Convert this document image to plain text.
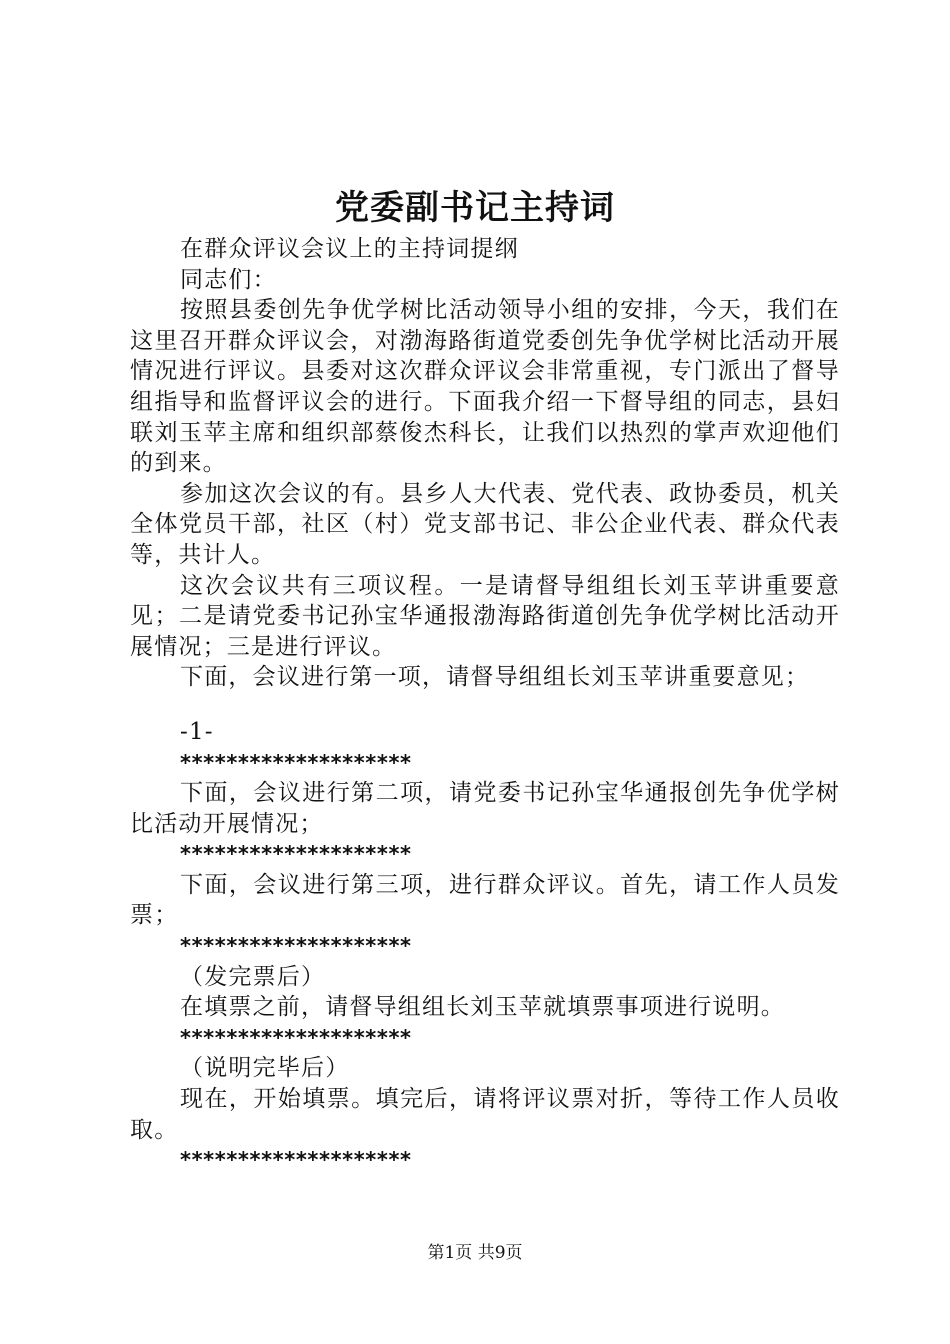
党委副书记主持词

在群众评议会议上的主持词提纲

同志们：

按照县委创先争优学树比活动领导小组的安排，今天，我们在这里召开群众评议会，对渤海路街道党委创先争优学树比活动开展情况进行评议。县委对这次群众评议会非常重视，专门派出了督导组指导和监督评议会的进行。下面我介绍一下督导组的同志，县妇联刘玉苹主席和组织部蔡俊杰科长，让我们以热烈的掌声欢迎他们的到来。

参加这次会议的有。县乡人大代表、党代表、政协委员，机关全体党员干部，社区（村）党支部书记、非公企业代表、群众代表等，共计人。

这次会议共有三项议程。一是请督导组组长刘玉苹讲重要意见；二是请党委书记孙宝华通报渤海路街道创先争优学树比活动开展情况；三是进行评议。

下面，会议进行第一项，请督导组组长刘玉苹讲重要意见；

-1-

********************

下面，会议进行第二项，请党委书记孙宝华通报创先争优学树比活动开展情况；

********************

下面，会议进行第三项，进行群众评议。首先，请工作人员发票；

********************

（发完票后）

在填票之前，请督导组组长刘玉苹就填票事项进行说明。

********************

（说明完毕后）

现在，开始填票。填完后，请将评议票对折，等待工作人员收取。

********************

第1页 共9页
